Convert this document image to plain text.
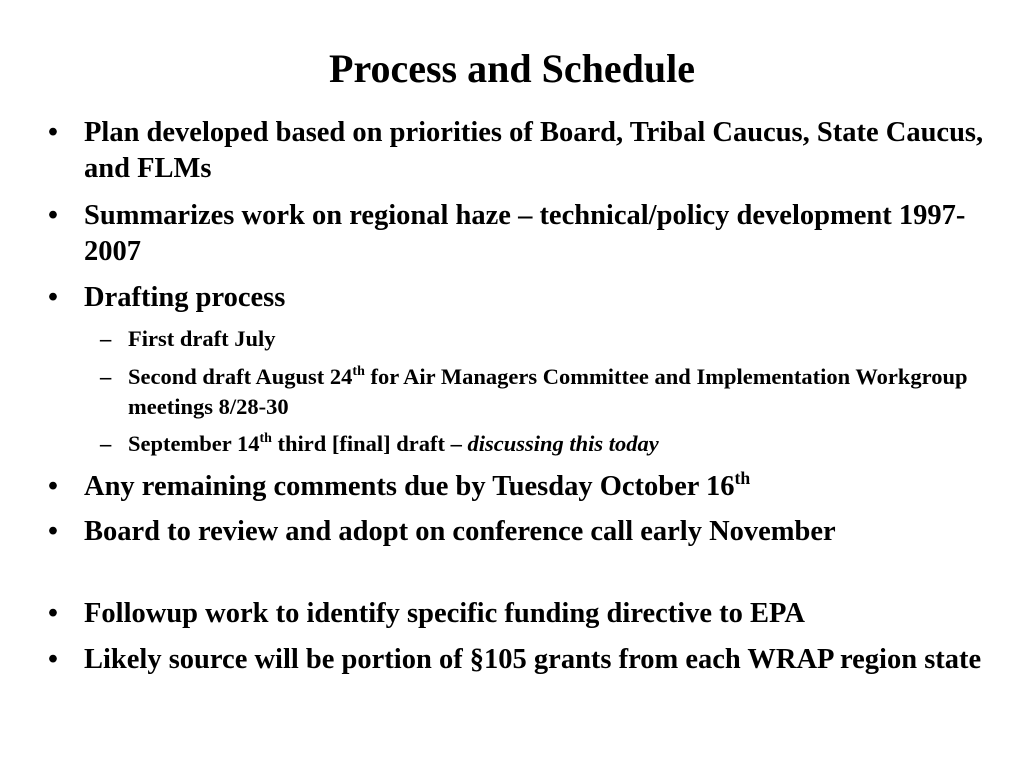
Process and Schedule
• Plan developed based on priorities of Board, Tribal Caucus, State Caucus, and FLMs
• Summarizes work on regional haze – technical/policy development 1997-2007
• Drafting process
– First draft July
– Second draft August 24th for Air Managers Committee and Implementation Workgroup meetings 8/28-30
– September 14th third [final] draft – discussing this today
• Any remaining comments due by Tuesday October 16th
• Board to review and adopt on conference call early November
• Followup work to identify specific funding directive to EPA
• Likely source will be portion of §105 grants from each WRAP region state
